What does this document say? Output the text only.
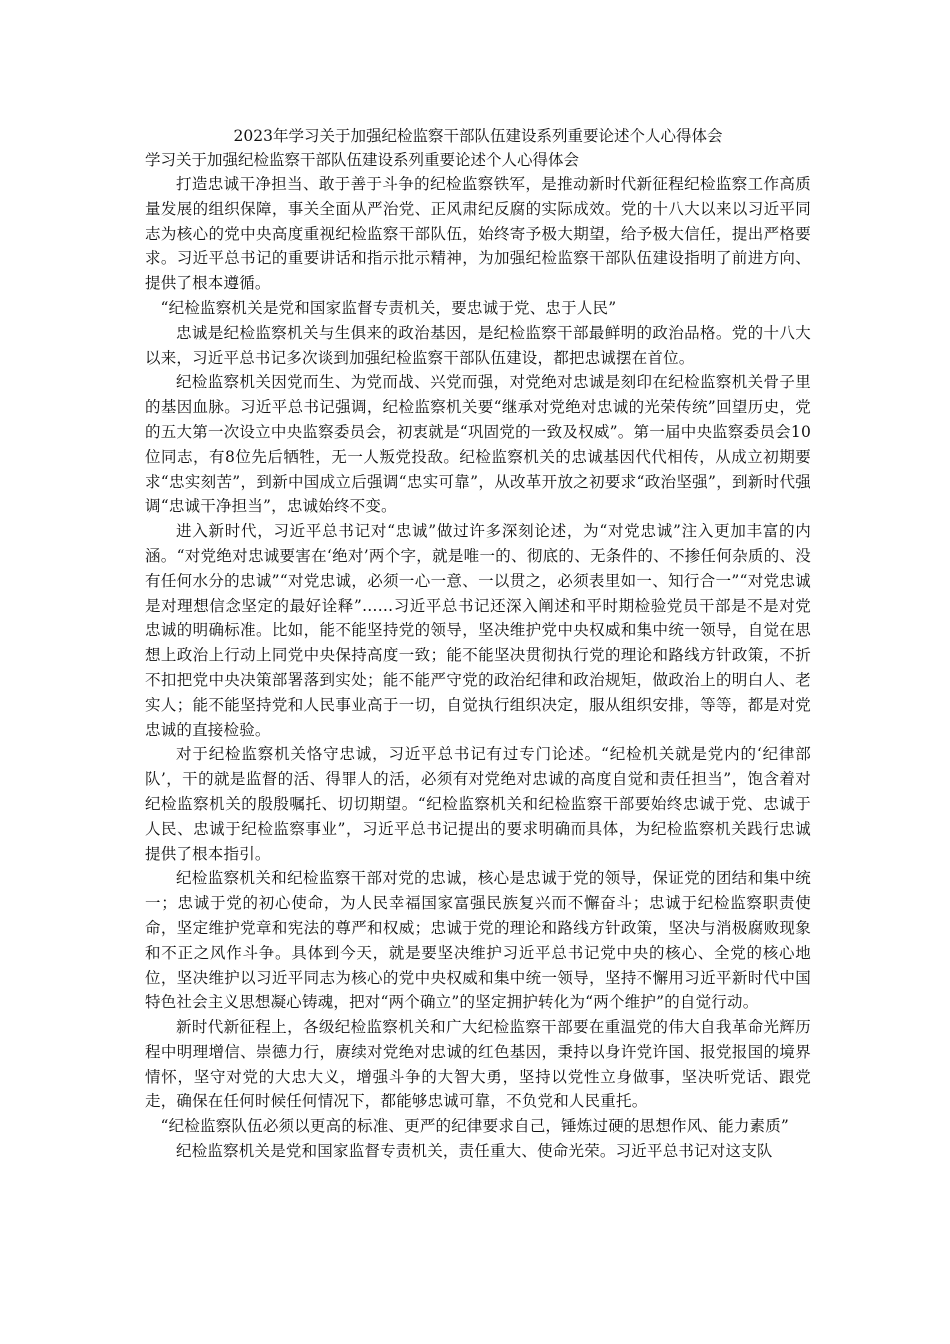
2023年学习关于加强纪检监察干部队伍建设系列重要论述个人心得体会
学习关于加强纪检监察干部队伍建设系列重要论述个人心得体会

打造忠诚干净担当、敢于善于斗争的纪检监察铁军，是推动新时代新征程纪检监察工作高质量发展的组织保障，事关全面从严治党、正风肃纪反腐的实际成效。党的十八大以来以习近平同志为核心的党中央高度重视纪检监察干部队伍，始终寄予极大期望，给予极大信任，提出严格要求。习近平总书记的重要讲话和指示批示精神，为加强纪检监察干部队伍建设指明了前进方向、提供了根本遵循。

“纪检监察机关是党和国家监督专责机关，要忠诚于党、忠于人民”

忠诚是纪检监察机关与生俱来的政治基因，是纪检监察干部最鲜明的政治品格。党的十八大以来，习近平总书记多次谈到加强纪检监察干部队伍建设，都把忠诚摆在首位。

纪检监察机关因党而生、为党而战、兴党而强，对党绝对忠诚是刻印在纪检监察机关骨子里的基因血脉。习近平总书记强调，纪检监察机关要“继承对党绝对忠诚的光荣传统”回望历史，党的五大第一次设立中央监察委员会，初衷就是“巩固党的一致及权威”。第一届中央监察委员会10位同志，有8位先后牺牲，无一人叛党投敌。纪检监察机关的忠诚基因代代相传，从成立初期要求“忠实刻苦”，到新中国成立后强调“忠实可靠”，从改革开放之初要求“政治坚强”，到新时代强调“忠诚干净担当”，忠诚始终不变。

进入新时代，习近平总书记对“忠诚”做过许多深刻论述，为“对党忠诚”注入更加丰富的内涵。“对党绝对忠诚要害在‘绝对’两个字，就是唯一的、彻底的、无条件的、不掺任何杂质的、没有任何水分的忠诚”“对党忠诚，必须一心一意、一以贯之，必须表里如一、知行合一”“对党忠诚是对理想信念坚定的最好诠释”……习近平总书记还深入阐述和平时期检验党员干部是不是对党忠诚的明确标准。比如，能不能坚持党的领导，坚决维护党中央权威和集中统一领导，自觉在思想上政治上行动上同党中央保持高度一致；能不能坚决贯彻执行党的理论和路线方针政策，不折不扣把党中央决策部署落到实处；能不能严守党的政治纪律和政治规矩，做政治上的明白人、老实人；能不能坚持党和人民事业高于一切，自觉执行组织决定，服从组织安排，等等，都是对党忠诚的直接检验。

对于纪检监察机关恪守忠诚，习近平总书记有过专门论述。“纪检机关就是党内的‘纪律部队’，干的就是监督的活、得罪人的活，必须有对党绝对忠诚的高度自觉和责任担当”，饱含着对纪检监察机关的殷殷嘱托、切切期望。“纪检监察机关和纪检监察干部要始终忠诚于党、忠诚于人民、忠诚于纪检监察事业”，习近平总书记提出的要求明确而具体，为纪检监察机关践行忠诚提供了根本指引。

纪检监察机关和纪检监察干部对党的忠诚，核心是忠诚于党的领导，保证党的团结和集中统一；忠诚于党的初心使命，为人民幸福国家富强民族复兴而不懈奋斗；忠诚于纪检监察职责使命，坚定维护党章和宪法的尊严和权威；忠诚于党的理论和路线方针政策，坚决与消极腐败现象和不正之风作斗争。具体到今天，就是要坚决维护习近平总书记党中央的核心、全党的核心地位，坚决维护以习近平同志为核心的党中央权威和集中统一领导，坚持不懈用习近平新时代中国特色社会主义思想凝心铸魂，把对“两个确立”的坚定拥护转化为“两个维护”的自觉行动。

新时代新征程上，各级纪检监察机关和广大纪检监察干部要在重温党的伟大自我革命光辉历程中明理增信、崇德力行，赓续对党绝对忠诚的红色基因，秉持以身许党许国、报党报国的境界情怀，坚守对党的大忠大义，增强斗争的大智大勇，坚持以党性立身做事，坚决听党话、跟党走，确保在任何时候任何情况下，都能够忠诚可靠，不负党和人民重托。

“纪检监察队伍必须以更高的标准、更严的纪律要求自己，锤炼过硬的思想作风、能力素质”

纪检监察机关是党和国家监督专责机关，责任重大、使命光荣。习近平总书记对这支队
